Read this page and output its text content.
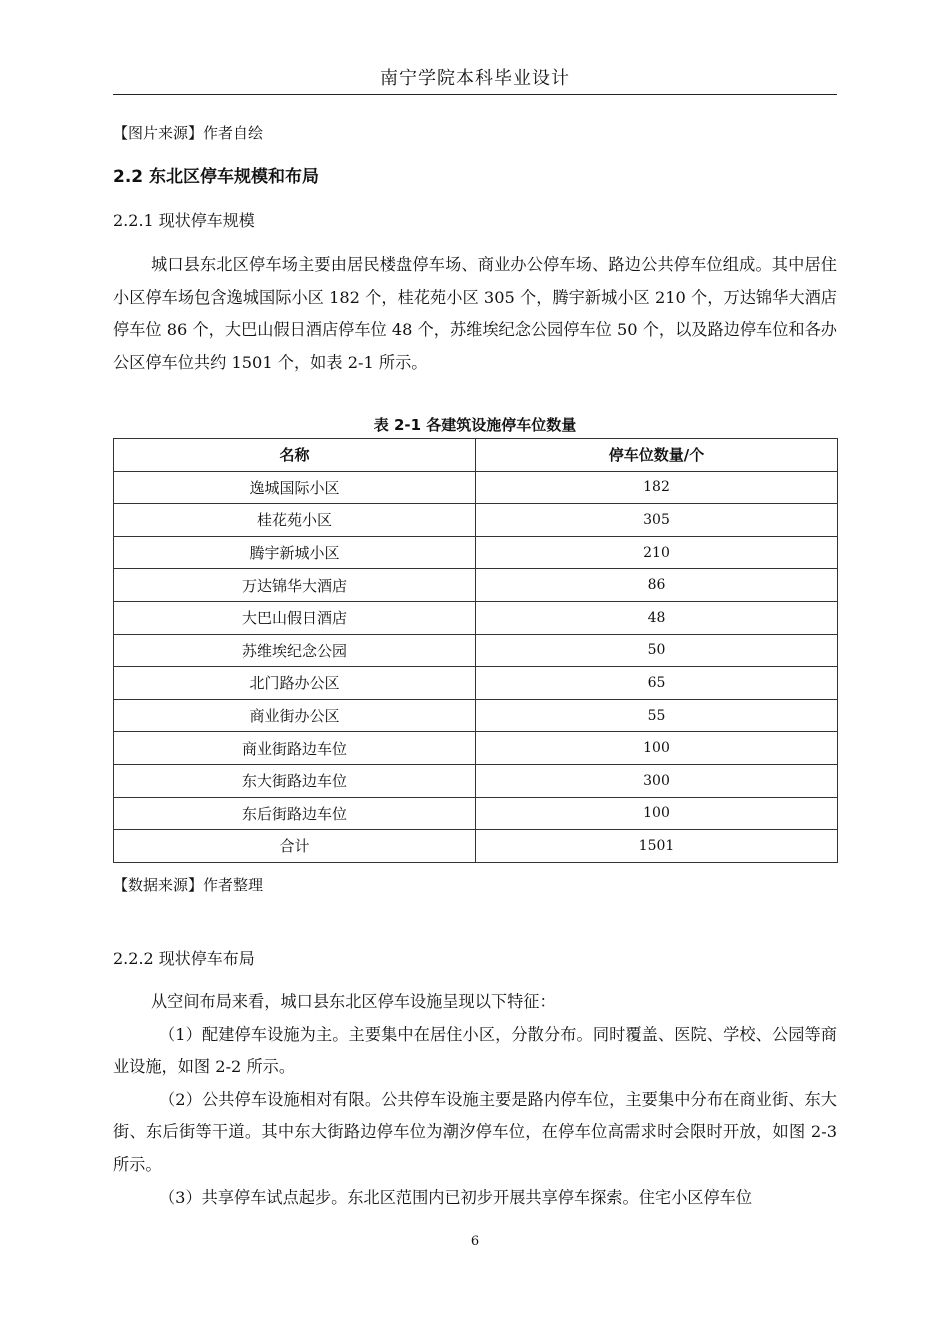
南宁学院本科毕业设计
【图片来源】作者自绘
2.2 东北区停车规模和布局
2.2.1 现状停车规模
城口县东北区停车场主要由居民楼盘停车场、商业办公停车场、路边公共停车位组成。其中居住小区停车场包含逸城国际小区 182 个，桂花苑小区 305 个，腾宇新城小区 210 个，万达锦华大酒店停车位 86 个，大巴山假日酒店停车位 48 个，苏维埃纪念公园停车位 50 个，以及路边停车位和各办公区停车位共约 1501 个，如表 2-1 所示。
表 2-1 各建筑设施停车位数量
名称	停车位数量/个
逸城国际小区	182
桂花苑小区	305
腾宇新城小区	210
万达锦华大酒店	86
大巴山假日酒店	48
苏维埃纪念公园	50
北门路办公区	65
商业街办公区	55
商业街路边车位	100
东大街路边车位	300
东后街路边车位	100
合计	1501
【数据来源】作者整理
2.2.2 现状停车布局
从空间布局来看，城口县东北区停车设施呈现以下特征：
（1）配建停车设施为主。主要集中在居住小区，分散分布。同时覆盖、医院、学校、公园等商业设施，如图 2-2 所示。
（2）公共停车设施相对有限。公共停车设施主要是路内停车位，主要集中分布在商业街、东大街、东后街等干道。其中东大街路边停车位为潮汐停车位，在停车位高需求时会限时开放，如图 2-3 所示。
（3）共享停车试点起步。东北区范围内已初步开展共享停车探索。住宅小区停车位
6
